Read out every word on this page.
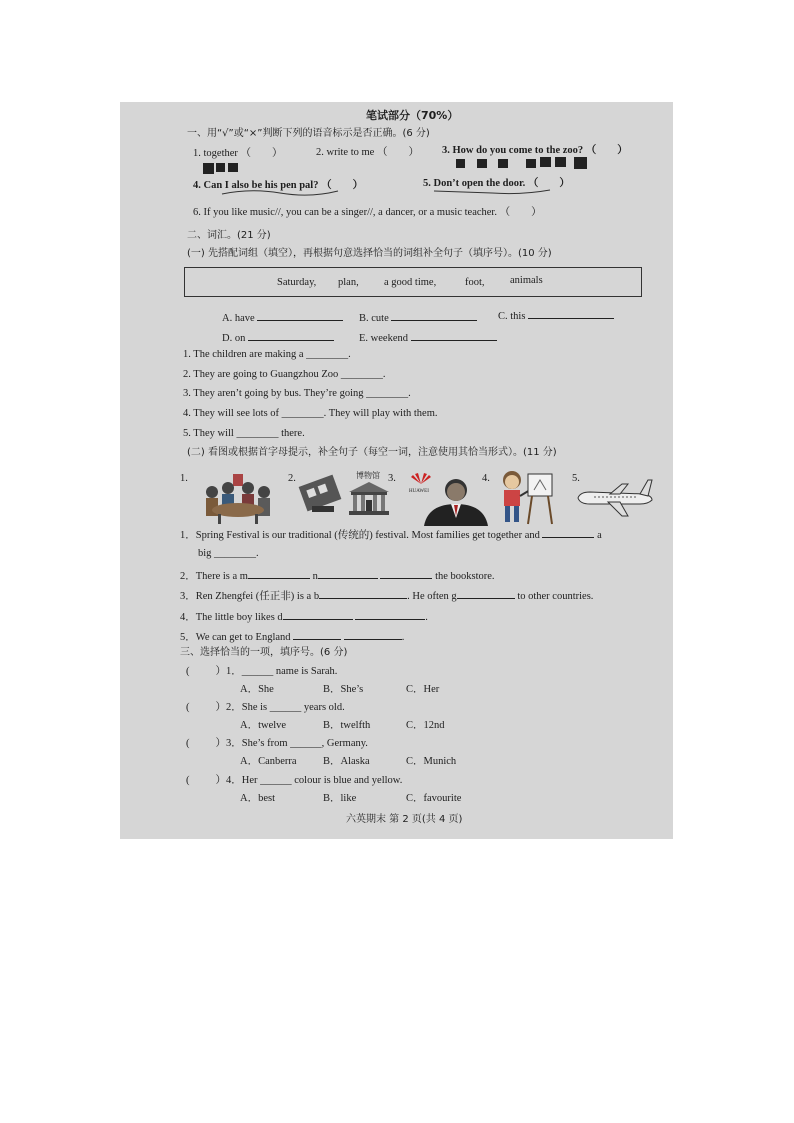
笔试部分（70%）
一、用“√”或“×”判断下列的语音标示是否正确。(6 分)
1. together （　　）	2. write to me （　　） 3. How do you come to the zoo? （　　）
4. Can I also be his pen pal? （　　）	5. Don’t open the door. （　　）
6. If you like music//, you can be a singer//, a dancer, or a music teacher. （　　）
二、词汇。(21 分)
(一) 先搭配词组（填空），再根据句意选择恰当的词组补全句子（填序号）。(10 分)
Saturday, plan, a good time,	foot, animals
A. have	B. cute	C. this
D. on	E. weekend
1. The children are making a ________.
2. They are going to Guangzhou Zoo ________.
3. They aren’t going by bus. They’re going ________.
4. They will see lots of ________. They will play with them.
5. They will ________ there.
(二) 看图或根据首字母提示，补全句子（每空一词，注意使用其恰当形式）。(11 分)
1.	2.	博物馆 3.
HUAWEI
4.	5.
1．Spring Festival is our traditional (传统的) festival. Most families get together and	a
big ________.
2．There is a m	n	the bookstore.
3．Ren Zhengfei (任正非) is a b	. He often g	to other countries.
4．The little boy likes d	.
5．We can get to England	.
三、选择恰当的一项，填序号。(6 分)
( ）1．______ name is Sarah.
A．She	B．She’s	C．Her
( ）2．She is ______ years old.
A．twelve	B．twelfth	C．12nd
( ）3．She’s from ______, Germany.
A．Canberra	B．Alaska	C．Munich
( ）4．Her ______ colour is blue and yellow.
A．best	B．like	C．favourite
六英期末 第 2 页(共 4 页)
